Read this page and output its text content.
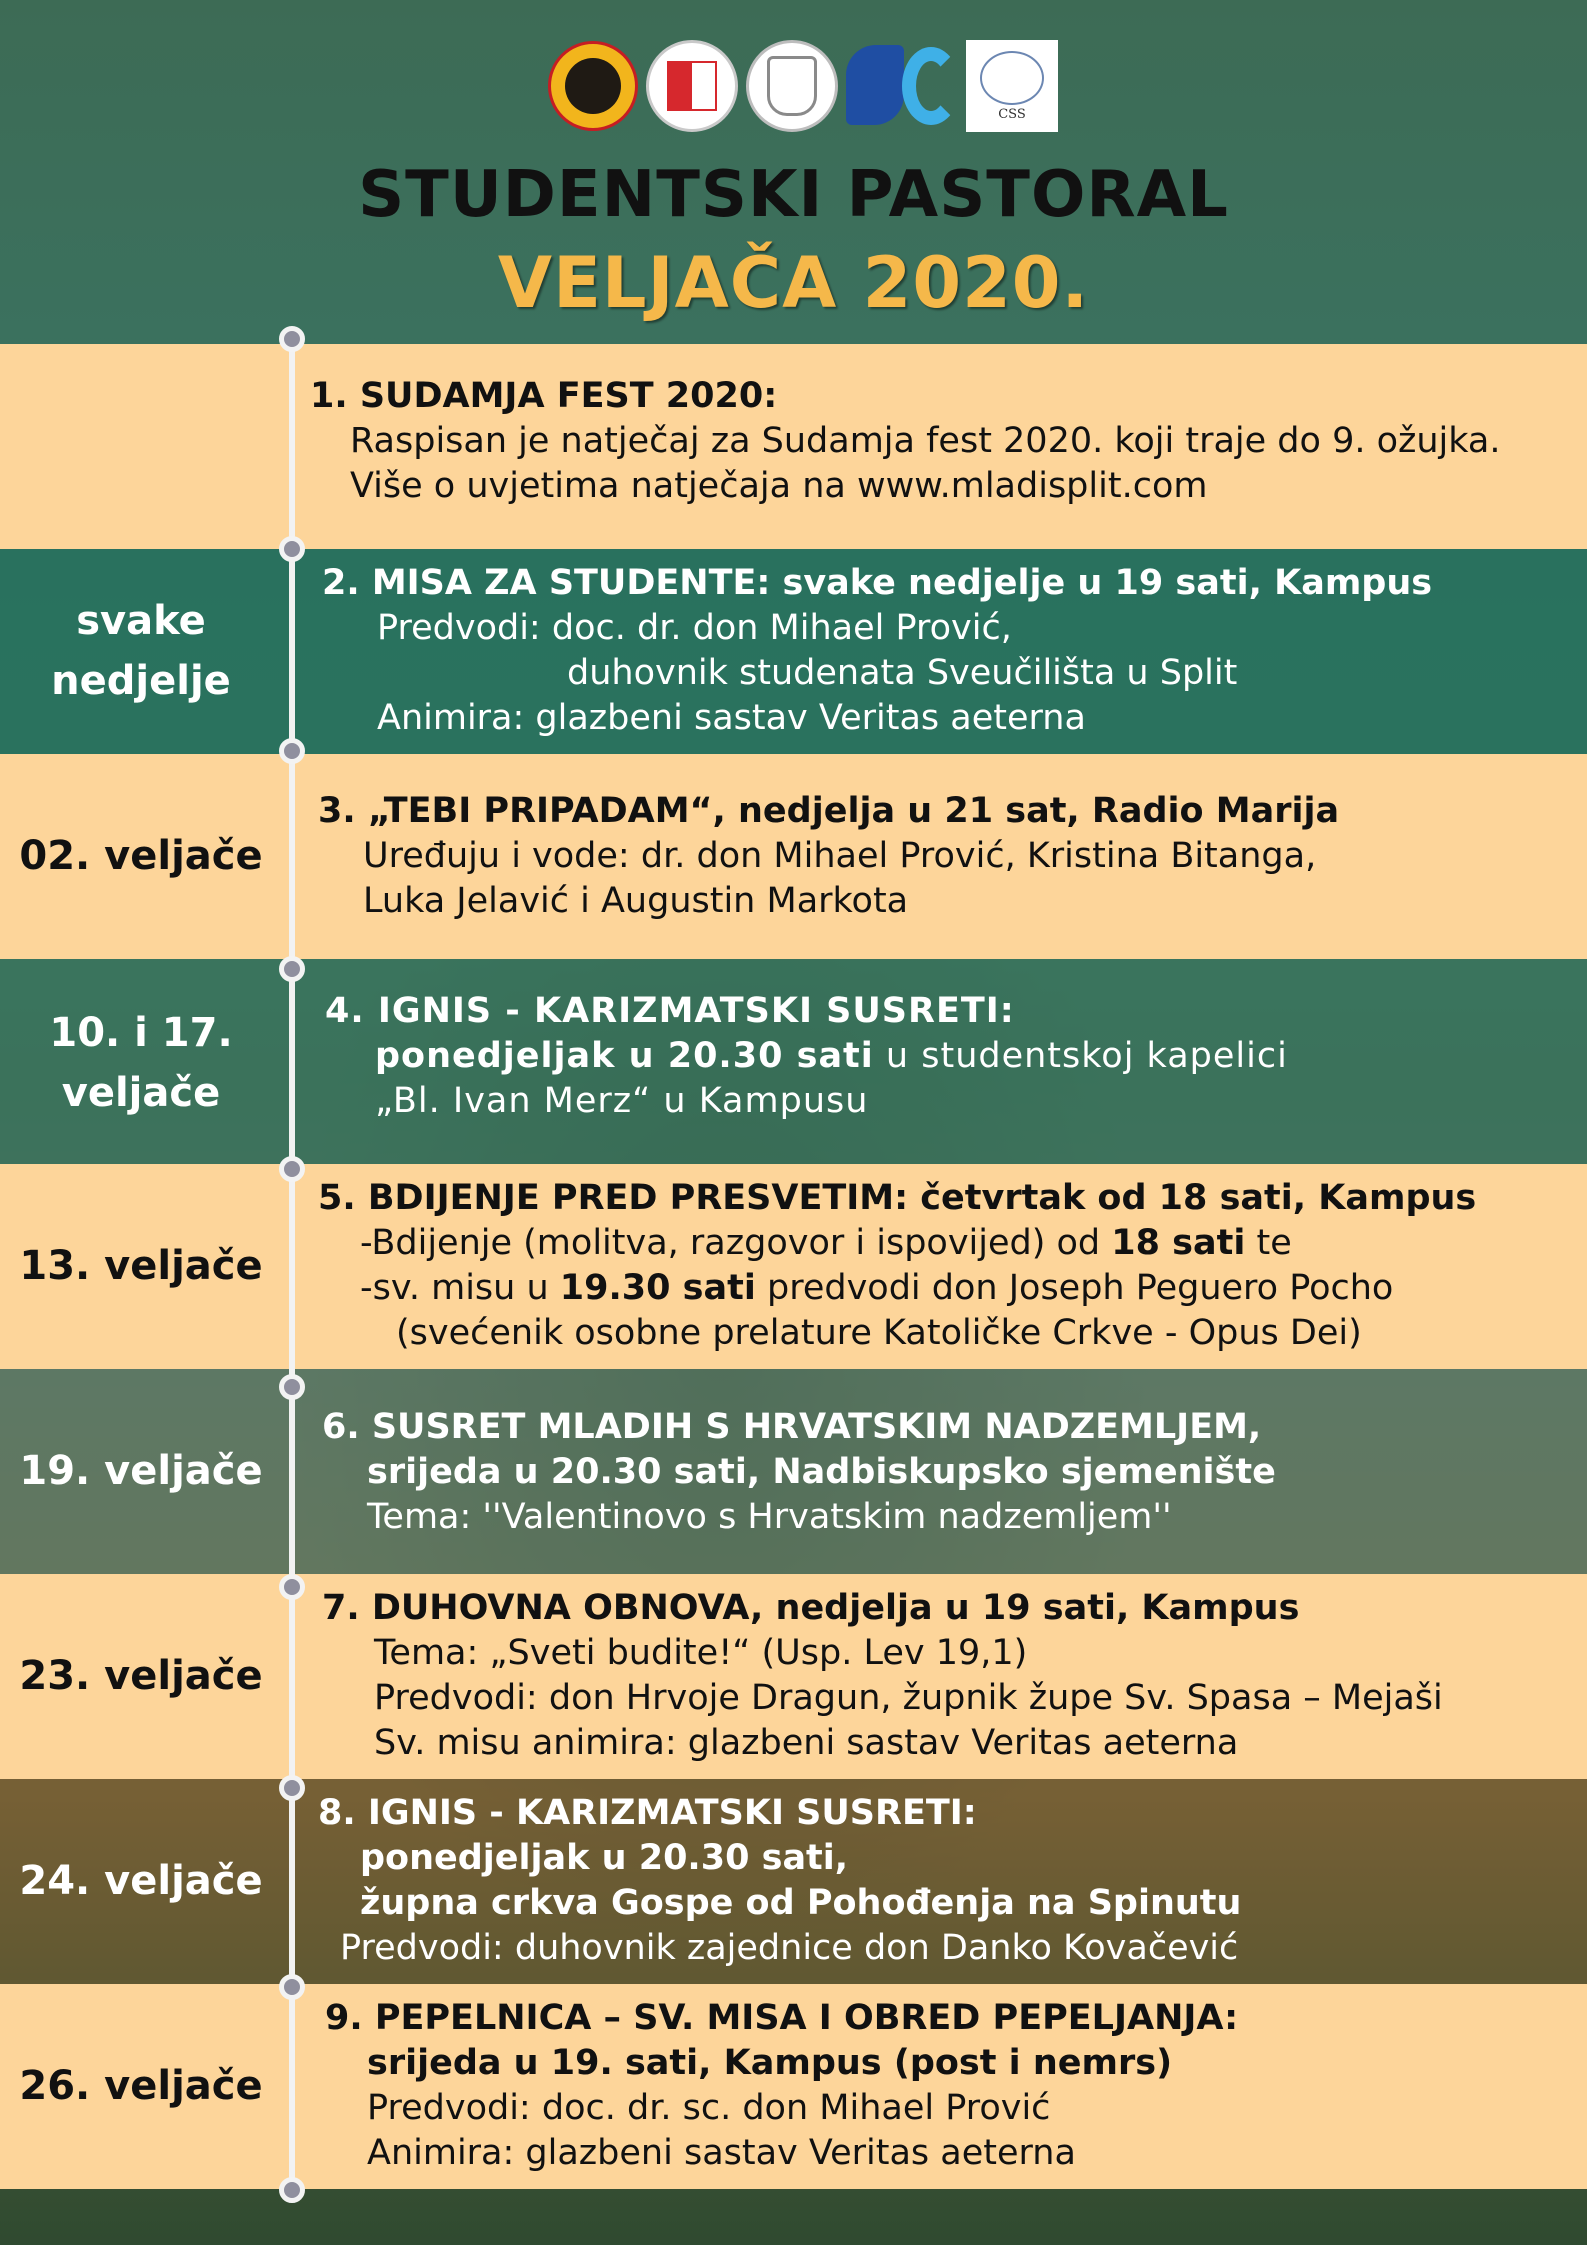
CSS
STUDENTSKI PASTORAL
VELJAČA 2020.
1. SUDAMJA FEST 2020:
Raspisan je natječaj za Sudamja fest 2020. koji traje do 9. ožujka.
Više o uvjetima natječaja na www.mladisplit.com
svake
nedjelje
2. MISA ZA STUDENTE: svake nedjelje u 19 sati, Kampus
Predvodi: doc. dr. don Mihael Prović,
duhovnik studenata Sveučilišta u Split
Animira: glazbeni sastav Veritas aeterna
02. veljače
3. „TEBI PRIPADAM“, nedjelja u 21 sat, Radio Marija
Uređuju i vode: dr. don Mihael Prović, Kristina Bitanga,
Luka Jelavić i Augustin Markota
10. i 17.
veljače
4. IGNIS - KARIZMATSKI SUSRETI:
ponedjeljak u 20.30 sati u studentskoj kapelici
„Bl. Ivan Merz“ u Kampusu
13. veljače
5. BDIJENJE PRED PRESVETIM: četvrtak od 18 sati, Kampus
-Bdijenje (molitva, razgovor i ispovijed) od 18 sati te
-sv. misu u 19.30 sati predvodi don Joseph Peguero Pocho
(svećenik osobne prelature Katoličke Crkve - Opus Dei)
19. veljače
6. SUSRET MLADIH S HRVATSKIM NADZEMLJEM,
srijeda u 20.30 sati, Nadbiskupsko sjemenište
Tema: ''Valentinovo s Hrvatskim nadzemljem''
23. veljače
7. DUHOVNA OBNOVA, nedjelja u 19 sati, Kampus
Tema: „Sveti budite!“ (Usp. Lev 19,1)
Predvodi: don Hrvoje Dragun, župnik župe Sv. Spasa – Mejaši
Sv. misu animira: glazbeni sastav Veritas aeterna
24. veljače
8. IGNIS - KARIZMATSKI SUSRETI:
ponedjeljak u 20.30 sati,
župna crkva Gospe od Pohođenja na Spinutu
Predvodi: duhovnik zajednice don Danko Kovačević
26. veljače
9. PEPELNICA – SV. MISA I OBRED PEPELJANJA:
srijeda u 19. sati, Kampus (post i nemrs)
Predvodi: doc. dr. sc. don Mihael Prović
Animira: glazbeni sastav Veritas aeterna
